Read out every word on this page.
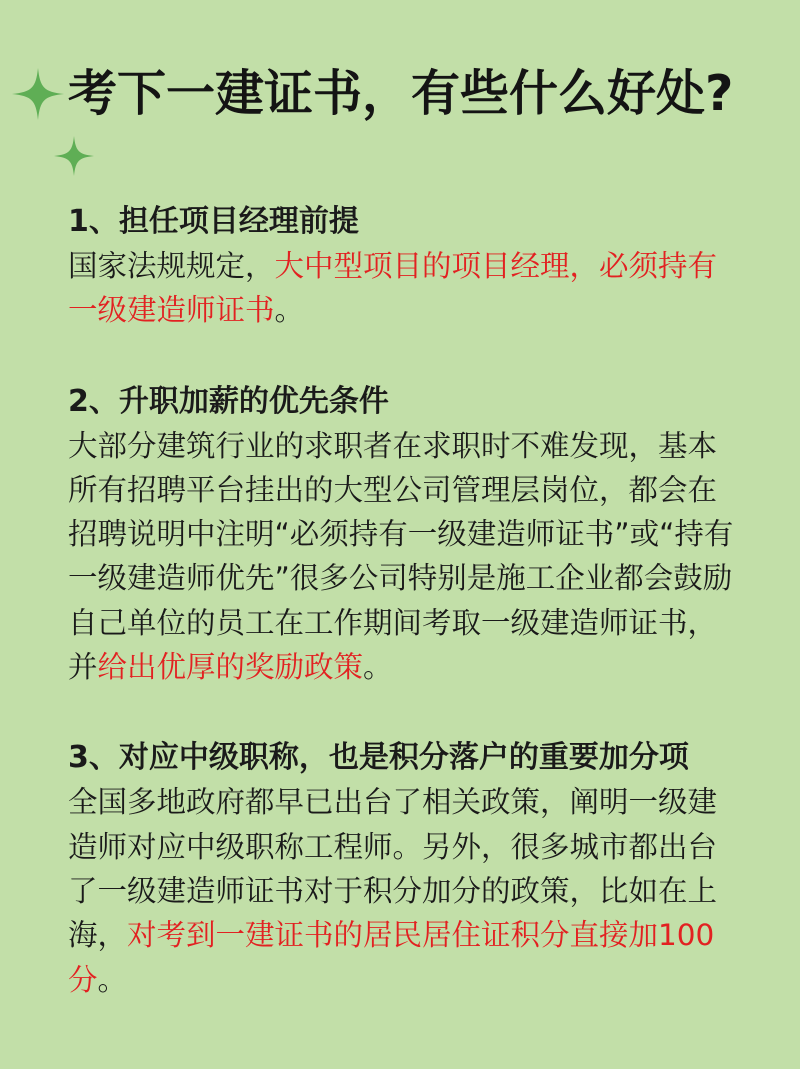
考下一建证书，有些什么好处?

1、担任项目经理前提

国家法规规定，大中型项目的项目经理，必须持有一级建造师证书。

2、升职加薪的优先条件

大部分建筑行业的求职者在求职时不难发现，基本所有招聘平台挂出的大型公司管理层岗位，都会在招聘说明中注明“必须持有一级建造师证书”或“持有一级建造师优先”很多公司特别是施工企业都会鼓励自己单位的员工在工作期间考取一级建造师证书，并给出优厚的奖励政策。

3、对应中级职称，也是积分落户的重要加分项

全国多地政府都早已出台了相关政策，阐明一级建造师对应中级职称工程师。另外，很多城市都出台了一级建造师证书对于积分加分的政策，比如在上海，对考到一建证书的居民居住证积分直接加100分。
